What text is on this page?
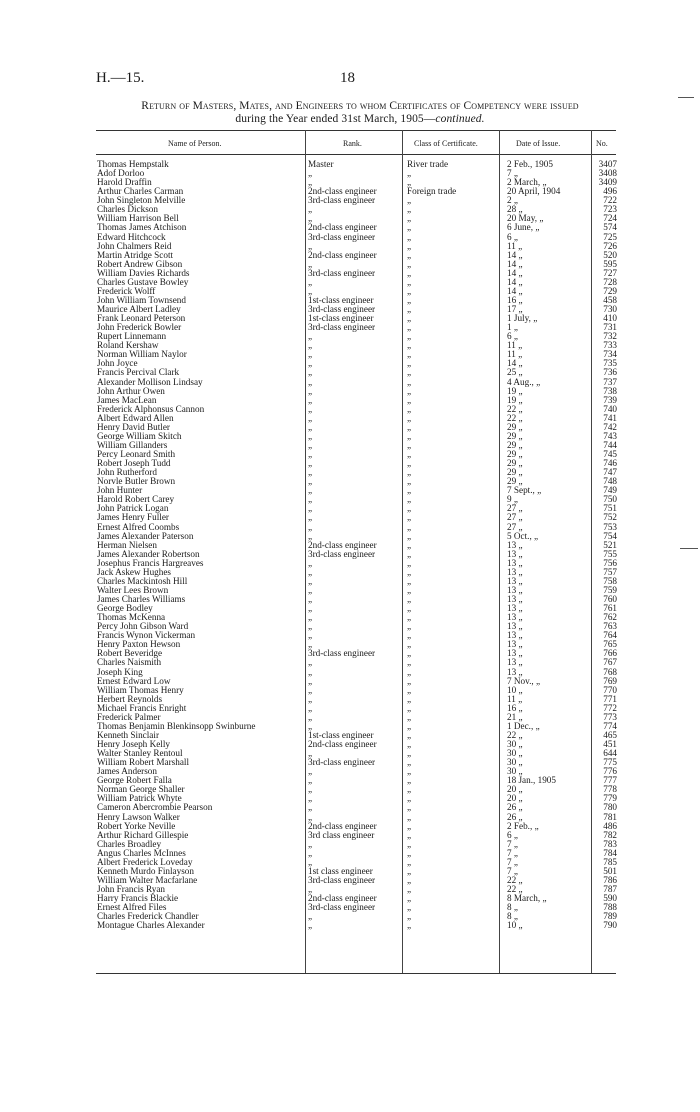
H.—15.	18
Return of Masters, Mates, and Engineers to whom Certificates of Competency were issued
during the Year ended 31st March, 1905—continued.
Name of Person.	Rank.	Class of Certificate.	Date of Issue.	No.
Thomas Hempstalk	Master	River trade	2 Feb., 1905	3407
Adof Dorloo	„	„	7 „	3408
Harold Draffin	„	„	2 March, „	3409
Arthur Charles Carman	2nd-class engineer	Foreign trade	20 April, 1904	496
John Singleton Melville	3rd-class engineer	„	2 „	722
Charles Dickson	„	„	28 „	723
William Harrison Bell	„	„	20 May, „	724
Thomas James Atchison	2nd-class engineer	„	6 June, „	574
Edward Hitchcock	3rd-class engineer	„	6 „	725
John Chalmers Reid	„	„	11 „	726
Martin Atridge Scott	2nd-class engineer	„	14 „	520
Robert Andrew Gibson	„	„	14 „	595
William Davies Richards	3rd-class engineer	„	14 „	727
Charles Gustave Bowley	„	„	14 „	728
Frederick Wolff	„	„	14 „	729
John William Townsend	1st-class engineer	„	16 „	458
Maurice Albert Ladley	3rd-class engineer	„	17 „	730
Frank Leonard Peterson	1st-class engineer	„	1 July, „	410
John Frederick Bowler	3rd-class engineer	„	1 „	731
Rupert Linnemann	„	„	6 „	732
Roland Kershaw	„	„	11 „	733
Norman William Naylor	„	„	11 „	734
John Joyce	„	„	14 „	735
Francis Percival Clark	„	„	25 „	736
Alexander Mollison Lindsay	„	„	4 Aug., „	737
John Arthur Owen	„	„	19 „	738
James MacLean	„	„	19 „	739
Frederick Alphonsus Cannon	„	„	22 „	740
Albert Edward Allen	„	„	22 „	741
Henry David Butler	„	„	29 „	742
George William Skitch	„	„	29 „	743
William Gillanders	„	„	29 „	744
Percy Leonard Smith	„	„	29 „	745
Robert Joseph Tudd	„	„	29 „	746
John Rutherford	„	„	29 „	747
Norvle Butler Brown	„	„	29 „	748
John Hunter	„	„	7 Sept., „	749
Harold Robert Carey	„	„	9 „	750
John Patrick Logan	„	„	27 „	751
James Henry Fuller	„	„	27 „	752
Ernest Alfred Coombs	„	„	27 „	753
James Alexander Paterson	„	„	5 Oct., „	754
Herman Nielsen	2nd-class engineer	„	13 „	521
James Alexander Robertson	3rd-class engineer	„	13 „	755
Josephus Francis Hargreaves	„	„	13 „	756
Jack Askew Hughes	„	„	13 „	757
Charles Mackintosh Hill	„	„	13 „	758
Walter Lees Brown	„	„	13 „	759
James Charles Williams	„	„	13 „	760
George Bodley	„	„	13 „	761
Thomas McKenna	„	„	13 „	762
Percy John Gibson Ward	„	„	13 „	763
Francis Wynon Vickerman	„	„	13 „	764
Henry Paxton Hewson	„	„	13 „	765
Robert Beveridge	3rd-class engineer	„	13 „	766
Charles Naismith	„	„	13 „	767
Joseph King	„	„	13 „	768
Ernest Edward Low	„	„	7 Nov., „	769
William Thomas Henry	„	„	10 „	770
Herbert Reynolds	„	„	11 „	771
Michael Francis Enright	„	„	16 „	772
Frederick Palmer	„	„	21 „	773
Thomas Benjamin Blenkinsopp Swinburne	„	„	1 Dec., „	774
Kenneth Sinclair	1st-class engineer	„	22 „	465
Henry Joseph Kelly	2nd-class engineer	„	30 „	451
Walter Stanley Rentoul	„	„	30 „	644
William Robert Marshall	3rd-class engineer	„	30 „	775
James Anderson	„	„	30 „	776
George Robert Falla	„	„	18 Jan., 1905	777
Norman George Shaller	„	„	20 „	778
William Patrick Whyte	„	„	20 „	779
Cameron Abercrombie Pearson	„	„	26 „	780
Henry Lawson Walker	„	„	26 „	781
Robert Yorke Neville	2nd-class engineer	„	2 Feb., „	486
Arthur Richard Gillespie	3rd class engineer	„	6 „	782
Charles Broadley	„	„	7 „	783
Angus Charles McInnes	„	„	7 „	784
Albert Frederick Loveday	„	„	7 „	785
Kenneth Murdo Finlayson	1st class engineer	„	7 „	501
William Walter Macfarlane	3rd-class engineer	„	22 „	786
John Francis Ryan	„	„	22 „	787
Harry Francis Blackie	2nd-class engineer	„	8 March, „	590
Ernest Alfred Files	3rd-class engineer	„	8 „	788
Charles Frederick Chandler	„	„	8 „	789
Montague Charles Alexander	„	„	10 „	790
